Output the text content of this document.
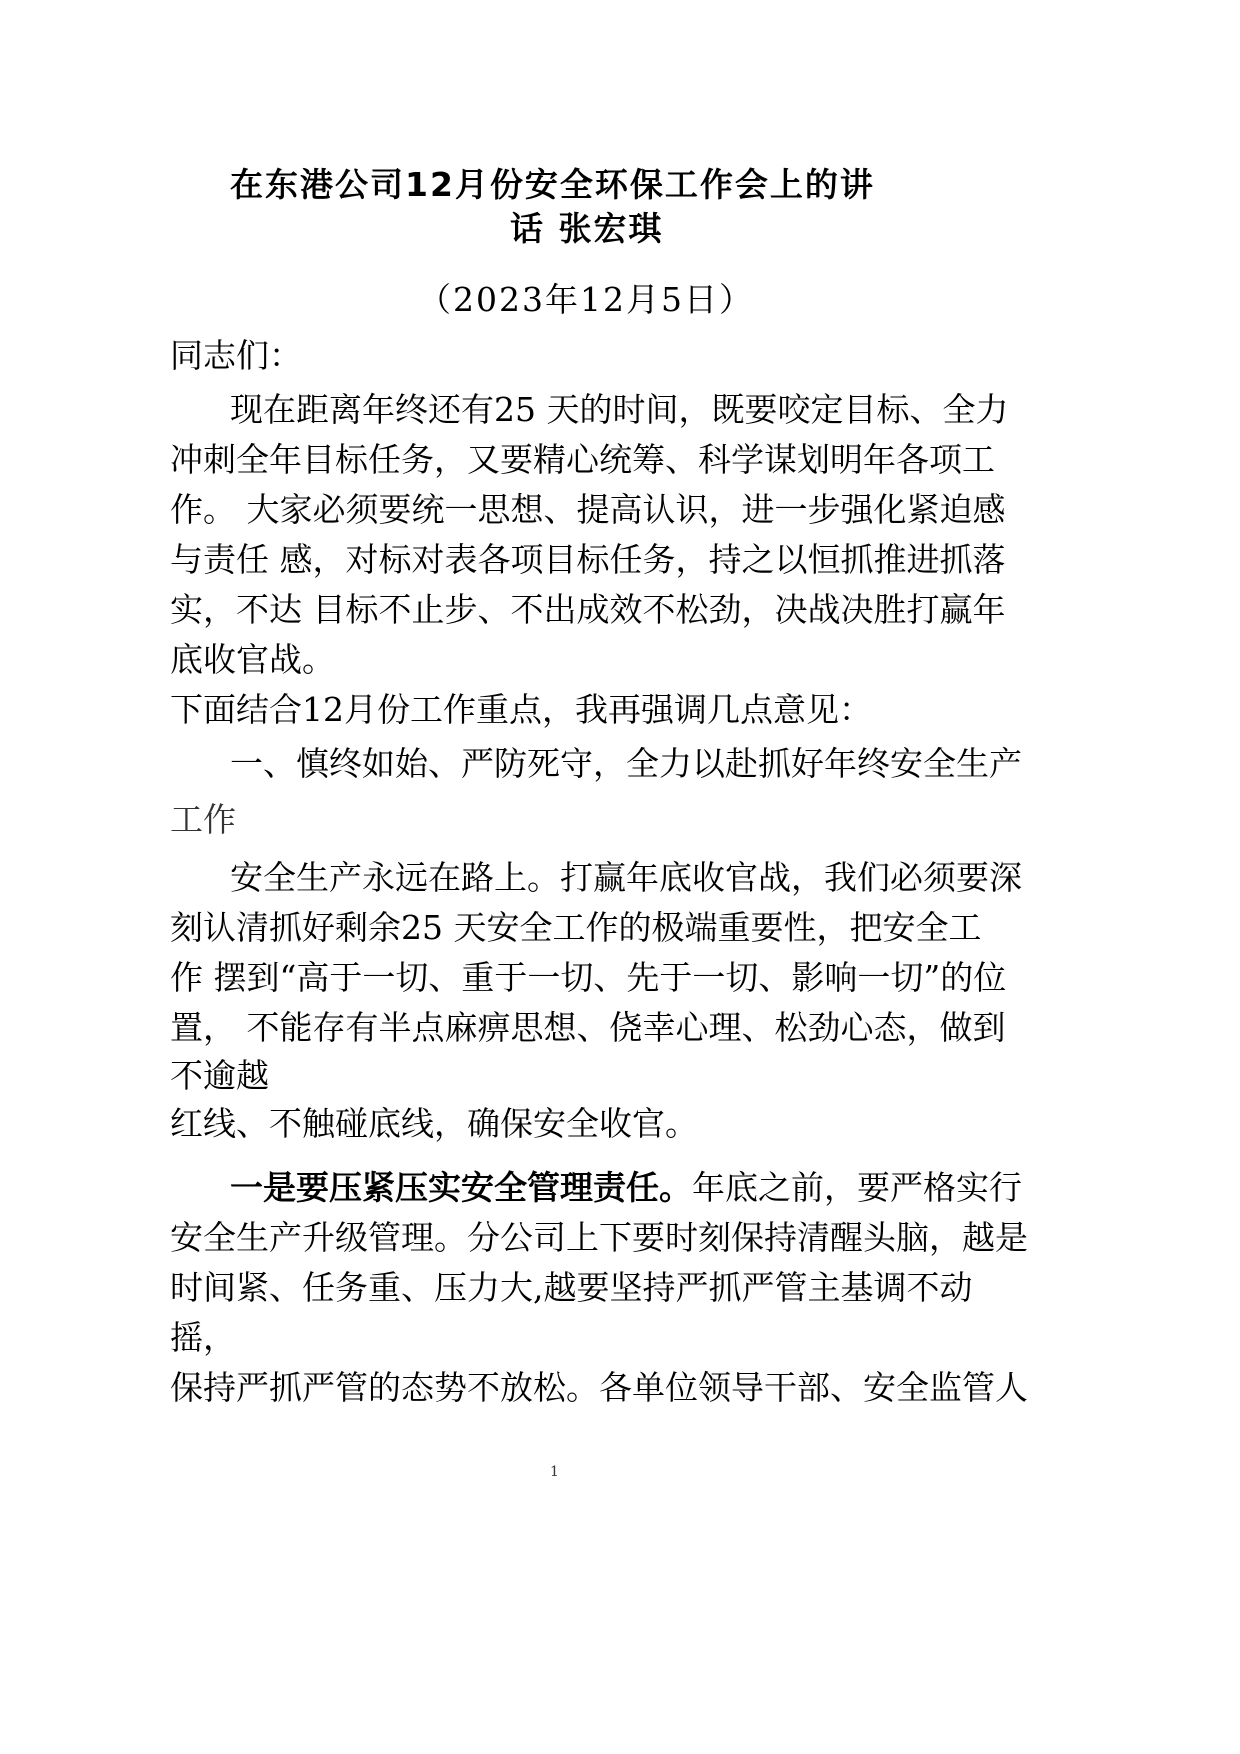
在东港公司12月份安全环保工作会上的讲
话 张宏琪
（2023年12月5日）
同志们：
现在距离年终还有25 天的时间，既要咬定目标、全力
冲刺全年目标任务，又要精心统筹、科学谋划明年各项工
作。 大家必须要统一思想、提高认识，进一步强化紧迫感
与责任 感，对标对表各项目标任务，持之以恒抓推进抓落
实，不达 目标不止步、不出成效不松劲，决战决胜打赢年
底收官战。
下面结合12月份工作重点，我再强调几点意见：
一、慎终如始、严防死守，全力以赴抓好年终安全生产
工作
安全生产永远在路上。打赢年底收官战，我们必须要深
刻认清抓好剩余25 天安全工作的极端重要性，把安全工
作 摆到“高于一切、重于一切、先于一切、影响一切”的位
置， 不能存有半点麻痹思想、侥幸心理、松劲心态，做到
不逾越
红线、不触碰底线，确保安全收官。
一是要压紧压实安全管理责任。年底之前，要严格实行
安全生产升级管理。分公司上下要时刻保持清醒头脑，越是
时间紧、任务重、压力大,越要坚持严抓严管主基调不动
摇，
保持严抓严管的态势不放松。各单位领导干部、安全监管人
1
